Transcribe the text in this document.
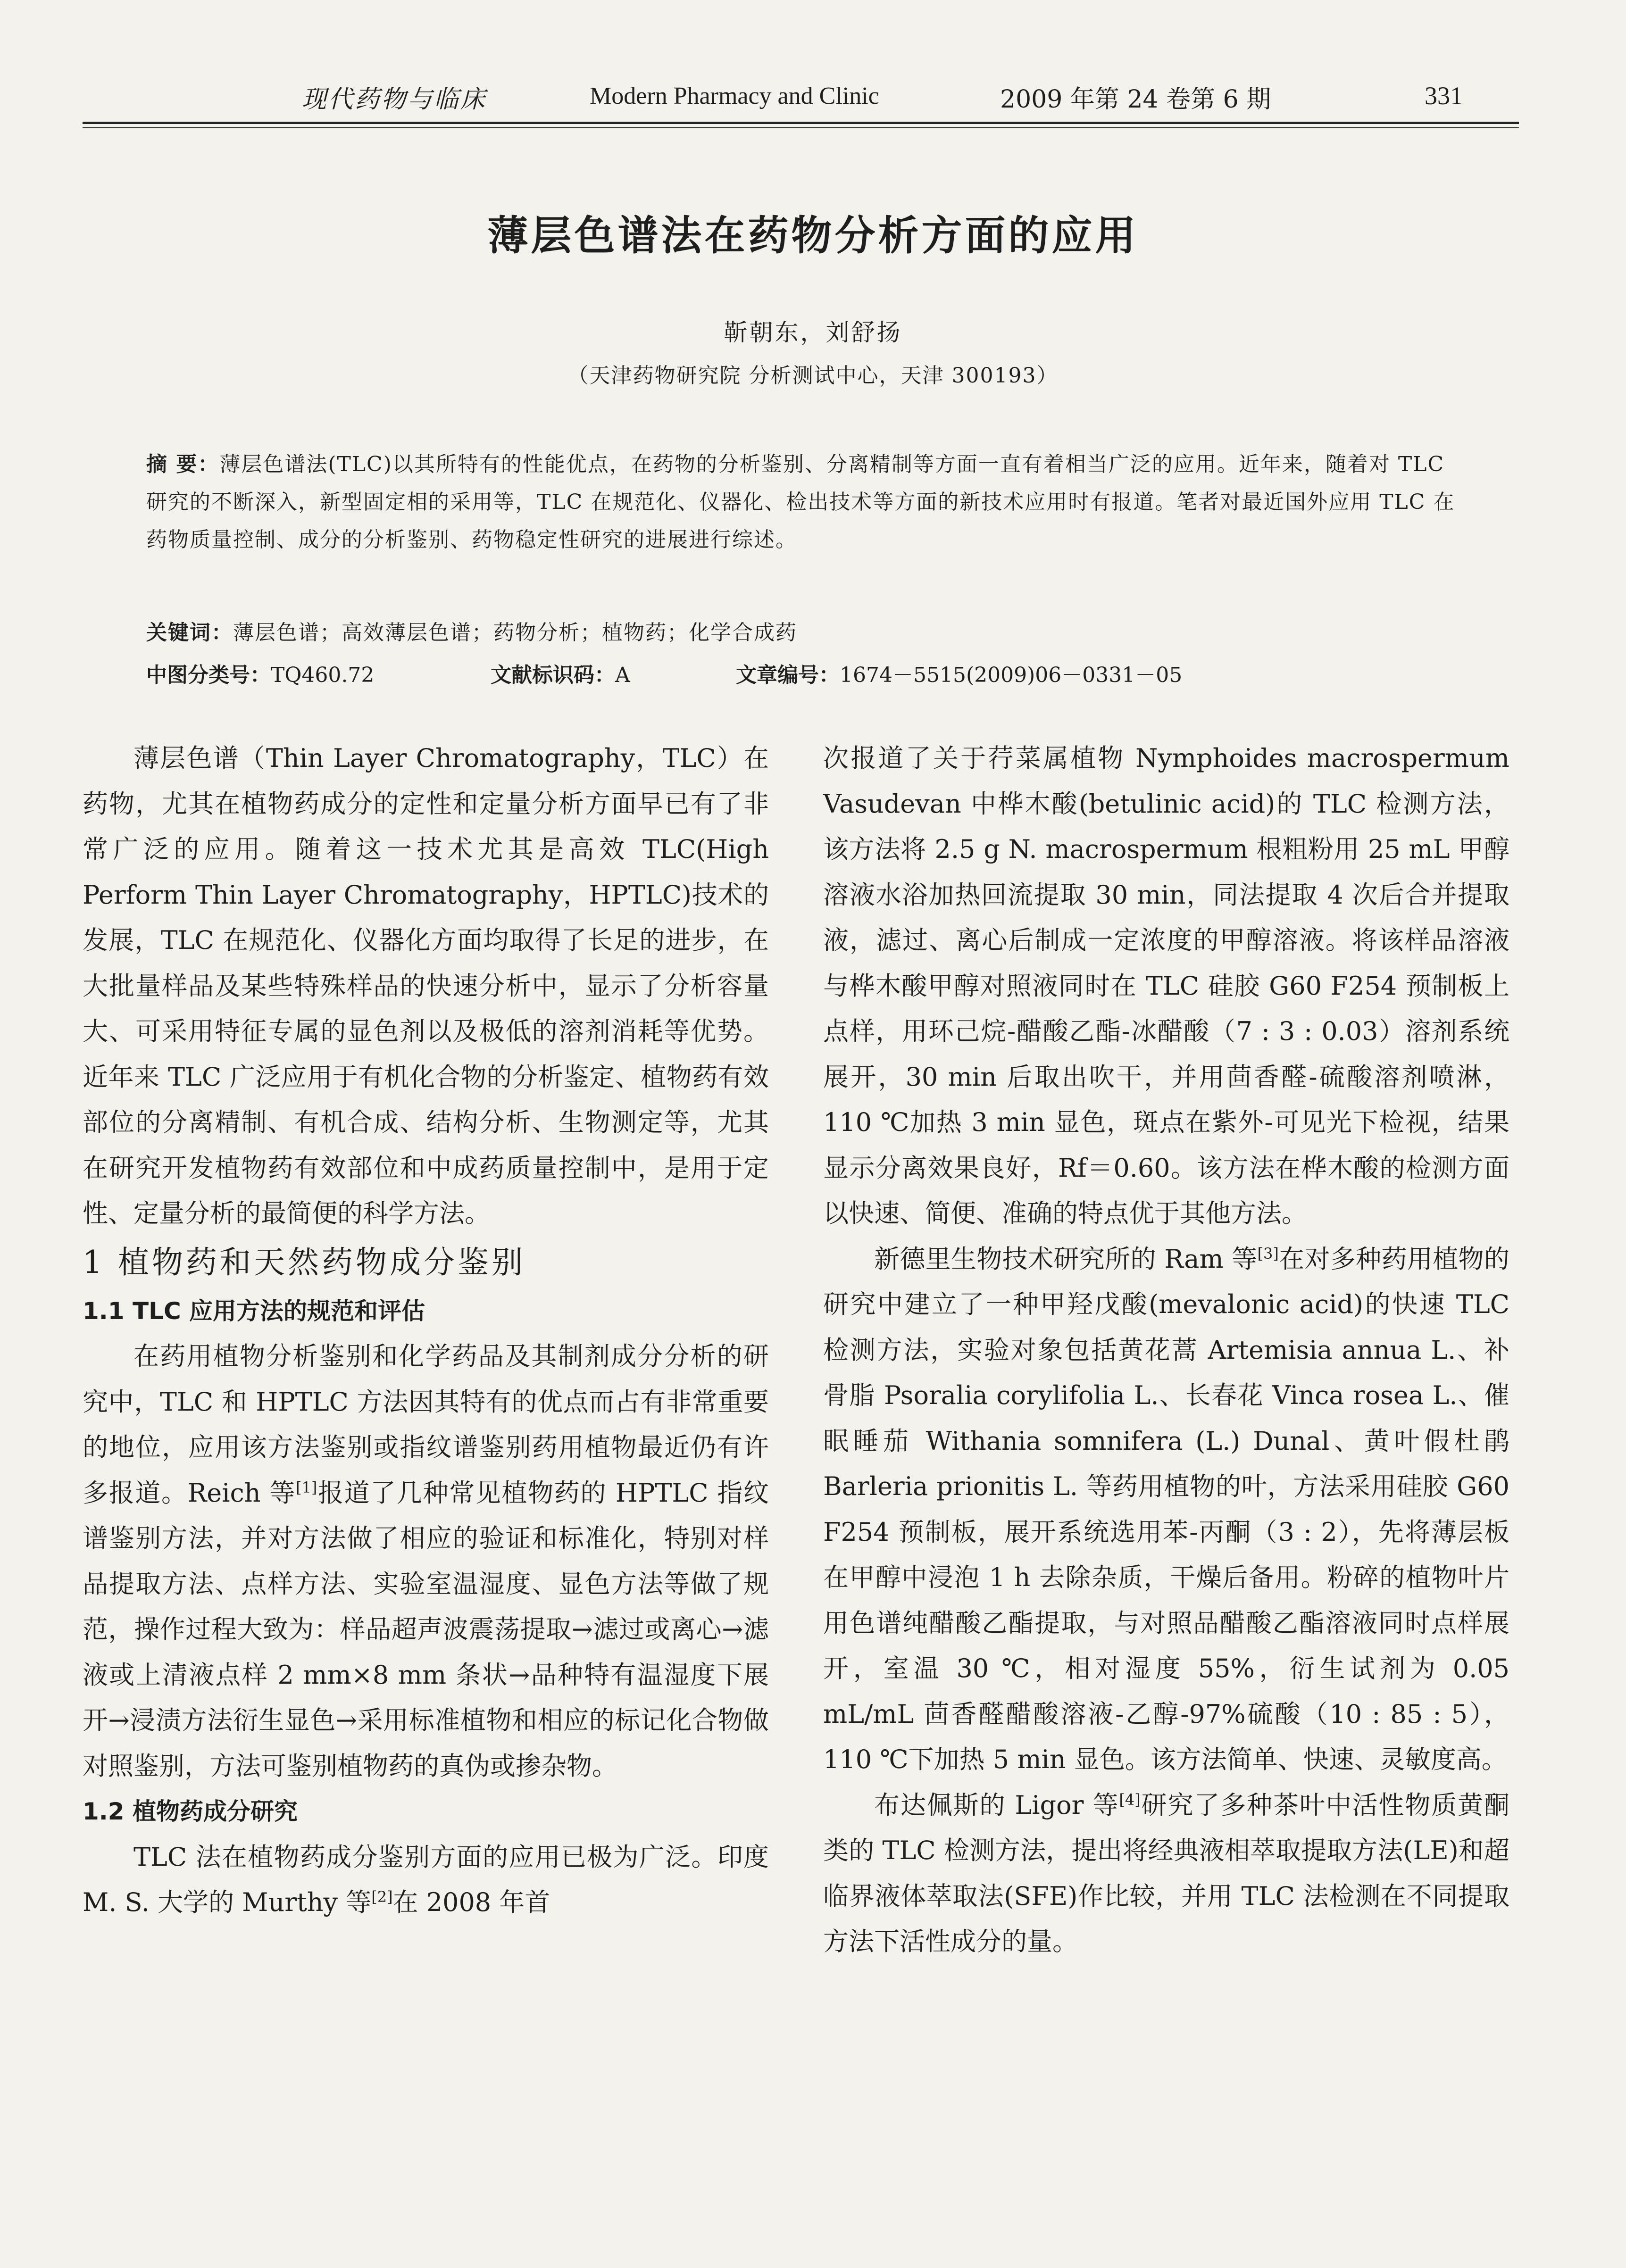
现代药物与临床	Modern Pharmacy and Clinic	2009 年第 24 卷第 6 期	331
薄层色谱法在药物分析方面的应用
靳朝东，刘舒扬
（天津药物研究院 分析测试中心，天津 300193）
摘 要：薄层色谱法(TLC)以其所特有的性能优点，在药物的分析鉴别、分离精制等方面一直有着相当广泛的应用。近年来，随着对 TLC 研究的不断深入，新型固定相的采用等，TLC 在规范化、仪器化、检出技术等方面的新技术应用时有报道。笔者对最近国外应用 TLC 在药物质量控制、成分的分析鉴别、药物稳定性研究的进展进行综述。
关键词：薄层色谱；高效薄层色谱；药物分析；植物药；化学合成药
中图分类号：TQ460.72	文献标识码：A	文章编号：1674－5515(2009)06－0331－05

薄层色谱（Thin Layer Chromatography，TLC）在药物，尤其在植物药成分的定性和定量分析方面早已有了非常广泛的应用。随着这一技术尤其是高效 TLC(High Perform Thin Layer Chromatography，HPTLC)技术的发展，TLC 在规范化、仪器化方面均取得了长足的进步，在大批量样品及某些特殊样品的快速分析中，显示了分析容量大、可采用特征专属的显色剂以及极低的溶剂消耗等优势。近年来 TLC 广泛应用于有机化合物的分析鉴定、植物药有效部位的分离精制、有机合成、结构分析、生物测定等，尤其在研究开发植物药有效部位和中成药质量控制中，是用于定性、定量分析的最简便的科学方法。

1 植物药和天然药物成分鉴别
1.1 TLC 应用方法的规范和评估

在药用植物分析鉴别和化学药品及其制剂成分分析的研究中，TLC 和 HPTLC 方法因其特有的优点而占有非常重要的地位，应用该方法鉴别或指纹谱鉴别药用植物最近仍有许多报道。Reich 等[1]报道了几种常见植物药的 HPTLC 指纹谱鉴别方法，并对方法做了相应的验证和标准化，特别对样品提取方法、点样方法、实验室温湿度、显色方法等做了规范，操作过程大致为：样品超声波震荡提取→滤过或离心→滤液或上清液点样 2 mm×8 mm 条状→品种特有温湿度下展开→浸渍方法衍生显色→采用标准植物和相应的标记化合物做对照鉴别，方法可鉴别植物药的真伪或掺杂物。

1.2 植物药成分研究

TLC 法在植物药成分鉴别方面的应用已极为广泛。印度 M. S. 大学的 Murthy 等[2]在 2008 年首

次报道了关于荇菜属植物 Nymphoides macrospermum Vasudevan 中桦木酸(betulinic acid)的 TLC 检测方法，该方法将 2.5 g N. macrospermum 根粗粉用 25 mL 甲醇溶液水浴加热回流提取 30 min，同法提取 4 次后合并提取液，滤过、离心后制成一定浓度的甲醇溶液。将该样品溶液与桦木酸甲醇对照液同时在 TLC 硅胶 G60 F254 预制板上点样，用环己烷-醋酸乙酯-冰醋酸（7 : 3 : 0.03）溶剂系统展开，30 min 后取出吹干，并用茴香醛-硫酸溶剂喷淋，110 ℃加热 3 min 显色，斑点在紫外-可见光下检视，结果显示分离效果良好，Rf＝0.60。该方法在桦木酸的检测方面以快速、简便、准确的特点优于其他方法。

新德里生物技术研究所的 Ram 等[3]在对多种药用植物的研究中建立了一种甲羟戊酸(mevalonic acid)的快速 TLC 检测方法，实验对象包括黄花蒿 Artemisia annua L.、补骨脂 Psoralia corylifolia L.、长春花 Vinca rosea L.、催眠睡茄 Withania somnifera (L.) Dunal、黄叶假杜鹃 Barleria prionitis L. 等药用植物的叶，方法采用硅胶 G60 F254 预制板，展开系统选用苯-丙酮（3 : 2），先将薄层板在甲醇中浸泡 1 h 去除杂质，干燥后备用。粉碎的植物叶片用色谱纯醋酸乙酯提取，与对照品醋酸乙酯溶液同时点样展开，室温 30 ℃，相对湿度 55%，衍生试剂为 0.05 mL/mL 茴香醛醋酸溶液-乙醇-97%硫酸（10 : 85 : 5），110 ℃下加热 5 min 显色。该方法简单、快速、灵敏度高。

布达佩斯的 Ligor 等[4]研究了多种茶叶中活性物质黄酮类的 TLC 检测方法，提出将经典液相萃取提取方法(LE)和超临界液体萃取法(SFE)作比较，并用 TLC 法检测在不同提取方法下活性成分的量。
